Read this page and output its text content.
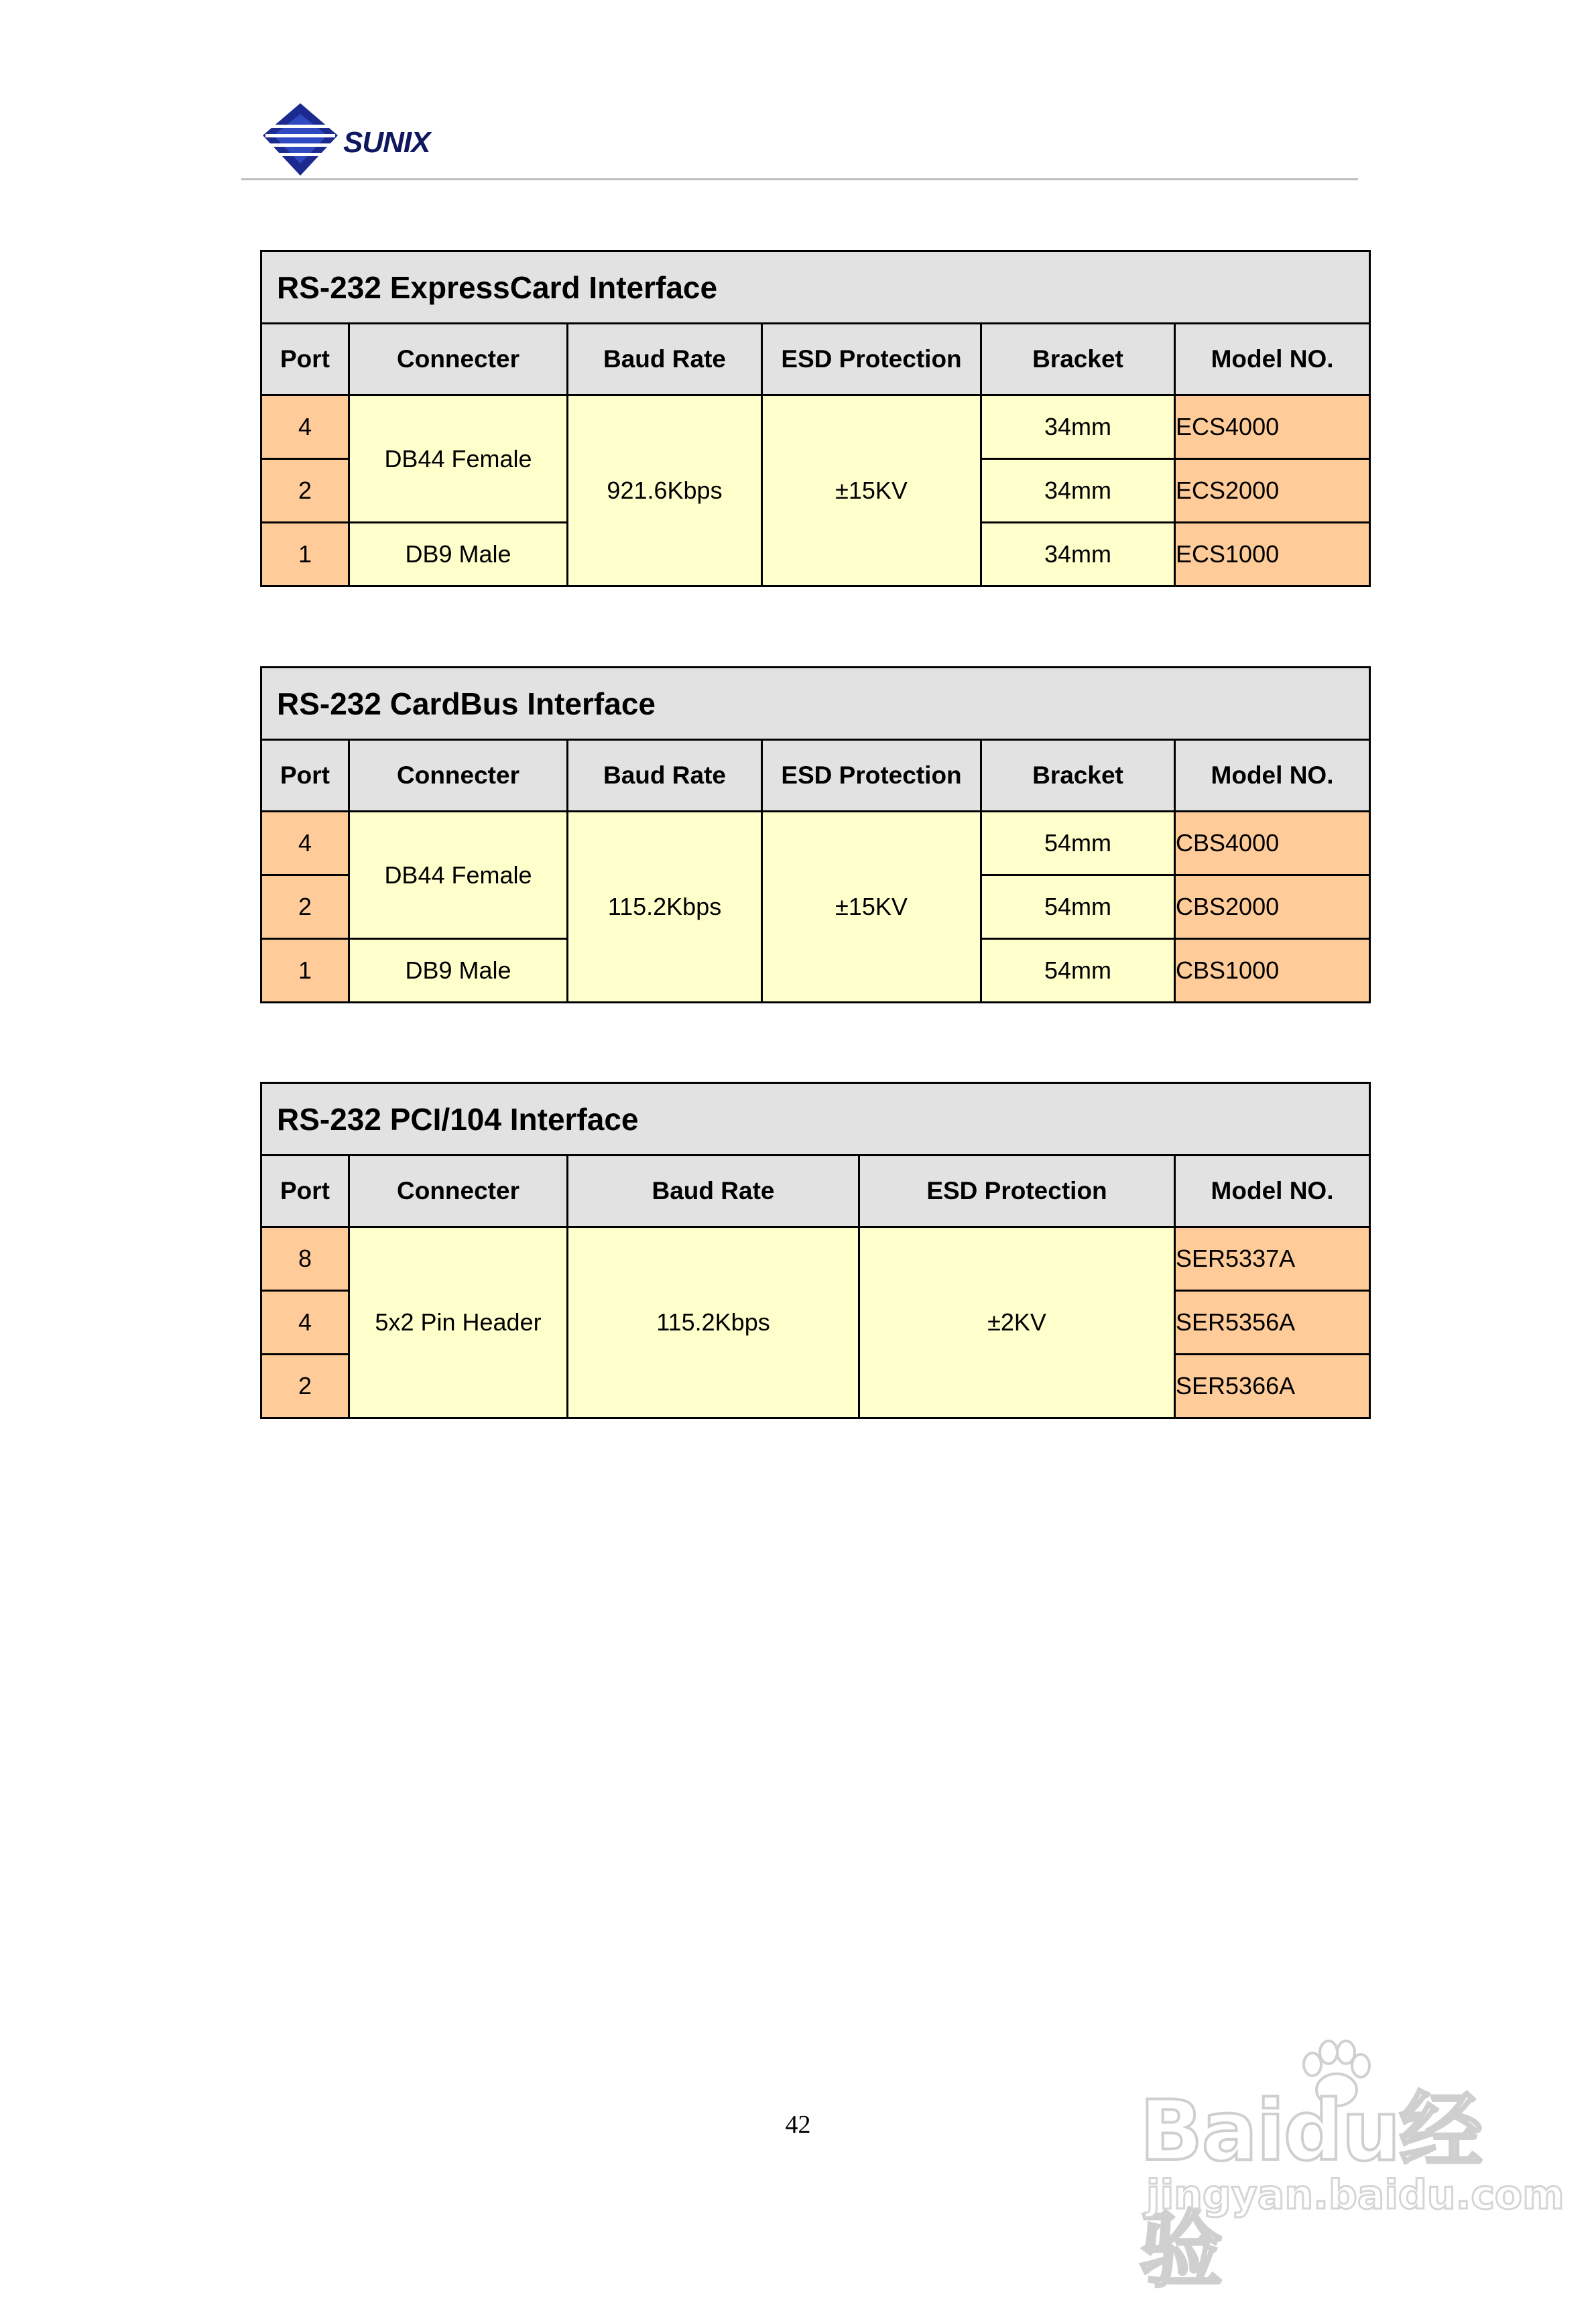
SUNIX
RS-232 ExpressCard Interface					
Port	Connecter	Baud Rate	ESD Protection	Bracket	Model NO.
4	DB44 Female	921.6Kbps	±15KV	34mm	ECS4000
2				34mm	ECS2000
1	DB9 Male			34mm	ECS1000
RS-232 CardBus Interface					
Port	Connecter	Baud Rate	ESD Protection	Bracket	Model NO.
4	DB44 Female	115.2Kbps	±15KV	54mm	CBS4000
2				54mm	CBS2000
1	DB9 Male			54mm	CBS1000
RS-232 PCI/104 Interface				
Port	Connecter	Baud Rate	ESD Protection	Model NO.
8	5x2 Pin Header	115.2Kbps	±2KV	SER5337A
4				SER5356A
2				SER5366A
42	Baidu经验
jingyan.baidu.com
